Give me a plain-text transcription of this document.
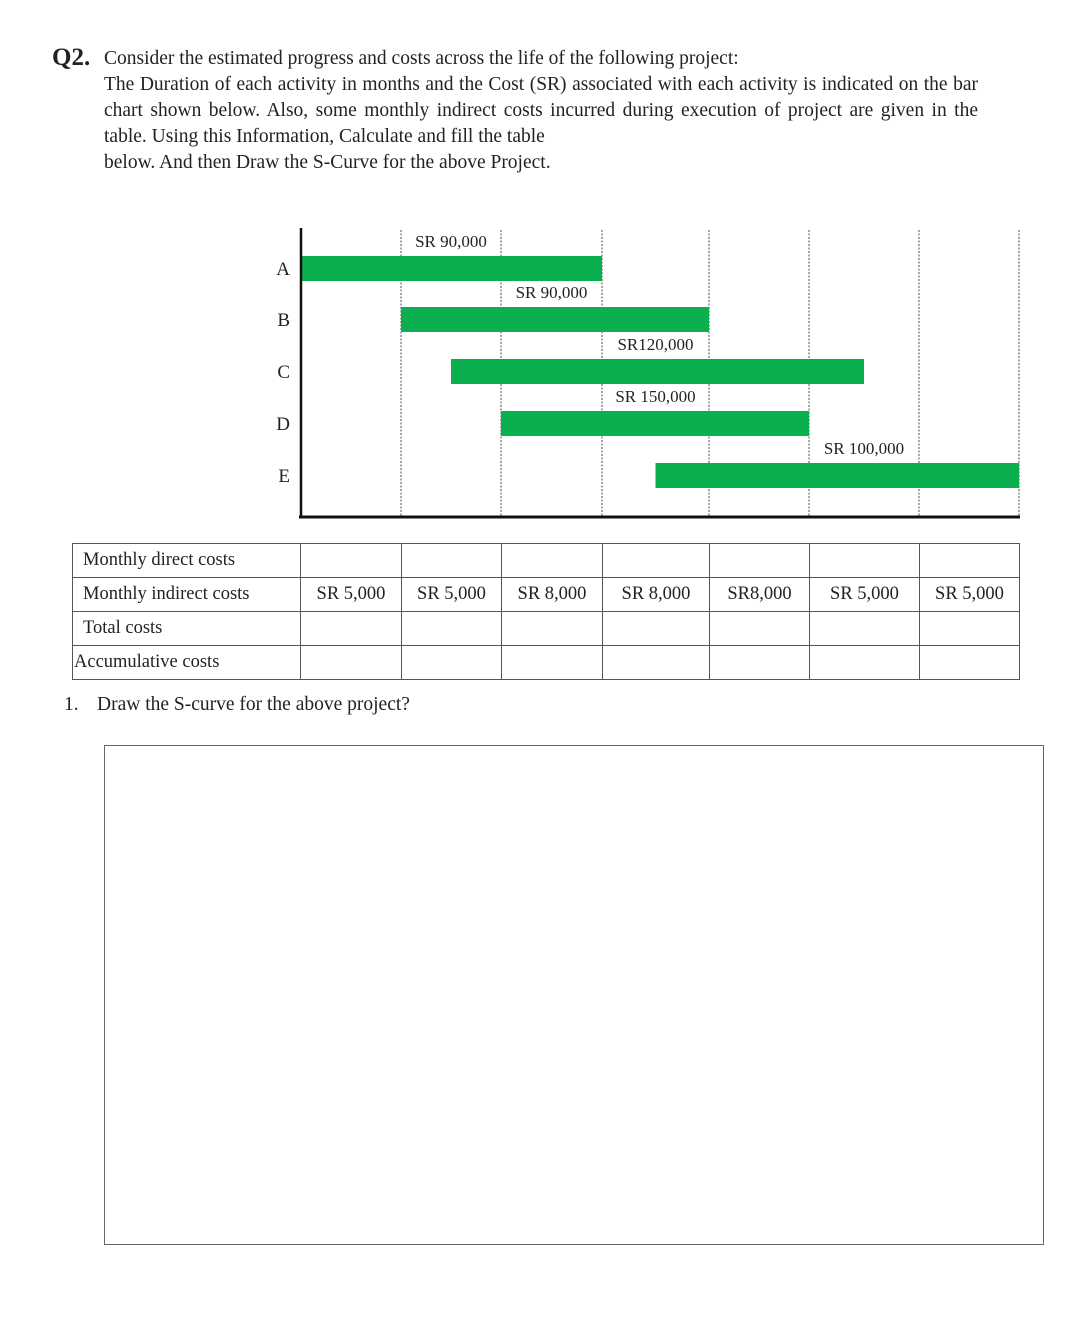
Q2. Consider the estimated progress and costs across the life of the following project:
The Duration of each activity in months and the Cost (SR) associated with each activity is indicated on the bar chart shown below. Also, some monthly indirect costs incurred during execution of project are given in the table. Using this Information, Calculate and fill the table
below. And then Draw the S-Curve for the above Project.
A
SR 90,000
B
SR 90,000
C
SR120,000
D
SR 150,000
E
SR 100,000
Monthly direct costs							
Monthly indirect costs	SR 5,000	SR 5,000	SR 8,000	SR 8,000	SR8,000	SR 5,000	SR 5,000
Total costs							
Accumulative costs							
1. Draw the S-curve for the above project?
